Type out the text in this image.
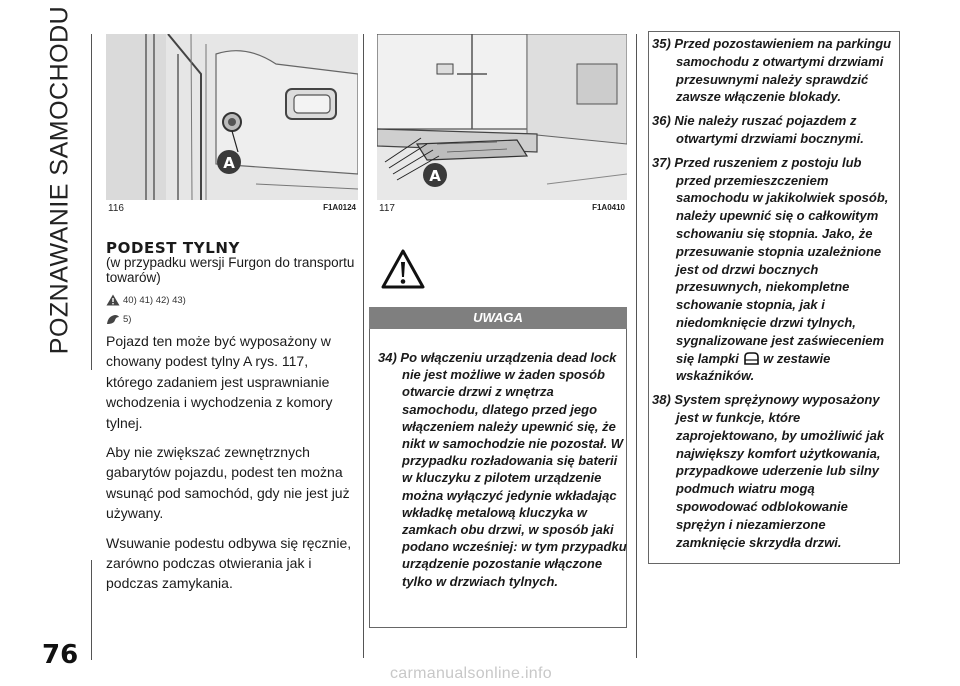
POZNAWANIE SAMOCHODU	A
116	F1A0124
A
117	F1A0410
PODEST TYLNY
(w przypadku wersji Furgon do transportu towarów)
40) 41) 42) 43)
5)

Pojazd ten może być wyposażony w chowany podest tylny A rys. 117, którego zadaniem jest usprawnianie wchodzenia i wychodzenia z komory tylnej.

Aby nie zwiększać zewnętrznych gabarytów pojazdu, podest ten można wsunąć pod samochód, gdy nie jest już używany.

Wsuwanie podestu odbywa się ręcznie, zarówno podczas otwierania jak i podczas zamykania.

UWAGA
34) Po włączeniu urządzenia dead lock nie jest możliwe w żaden sposób otwarcie drzwi z wnętrza samochodu, dlatego przed jego włączeniem należy upewnić się, że nikt w samochodzie nie pozostał. W przypadku rozładowania się baterii w kluczyku z pilotem urządzenie można wyłączyć jedynie wkładając wkładkę metalową kluczyka w zamkach obu drzwi, w sposób jaki podano wcześniej: w tym przypadku urządzenie pozostanie włączone tylko w drzwiach tylnych.
35) Przed pozostawieniem na parkingu samochodu z otwartymi drzwiami przesuwnymi należy sprawdzić zawsze włączenie blokady.
36) Nie należy ruszać pojazdem z otwartymi drzwiami bocznymi.
37) Przed ruszeniem z postoju lub przed przemieszczeniem samochodu w jakikolwiek sposób, należy upewnić się o całkowitym schowaniu się stopnia. Jako, że przesuwanie stopnia uzależnione jest od drzwi bocznych przesuwnych, niekompletne schowanie stopnia, jak i niedomknięcie drzwi tylnych, sygnalizowane jest zaświeceniem się lampki w zestawie wskaźników.
38) System sprężynowy wyposażony jest w funkcje, które zaprojektowano, by umożliwić jak największy komfort użytkowania, przypadkowe uderzenie lub silny podmuch wiatru mogą spowodować odblokowanie sprężyn i niezamierzone zamknięcie skrzydła drzwi.
76
carmanualsonline.info
